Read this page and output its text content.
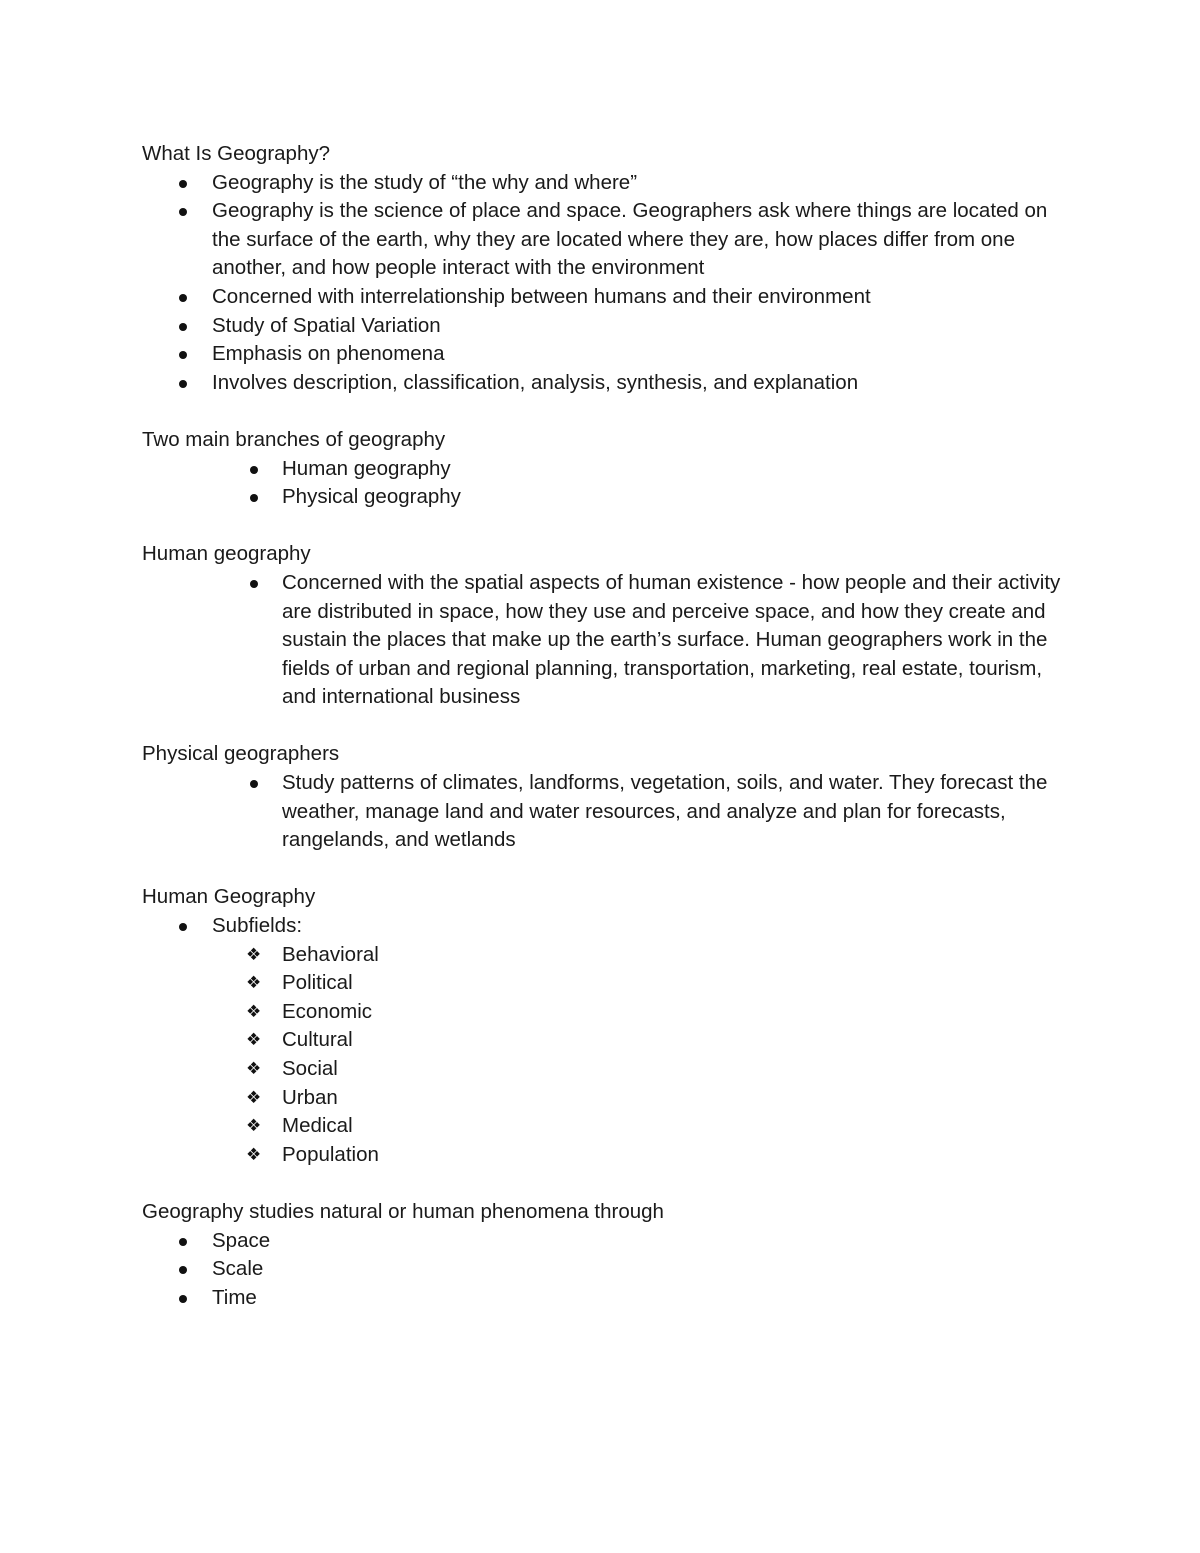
What Is Geography?

Geography is the study of “the why and where”
Geography is the science of place and space. Geographers ask where things are located on the surface of the earth, why they are located where they are, how places differ from one another, and how people interact with the environment
Concerned with interrelationship between humans and their environment
Study of Spatial Variation
Emphasis on phenomena
Involves description, classification, analysis, synthesis, and explanation

Two main branches of geography

Human geography
Physical geography

Human geography

Concerned with the spatial aspects of human existence - how people and their activity are distributed in space, how they use and perceive space, and how they create and sustain the places that make up the earth’s surface. Human geographers work in the fields of urban and regional planning, transportation, marketing, real estate, tourism, and international business

Physical geographers

Study patterns of climates, landforms, vegetation, soils, and water. They forecast the weather, manage land and water resources, and analyze and plan for forecasts, rangelands, and wetlands

Human Geography

Subfields:
❖ Behavioral
❖ Political
❖ Economic
❖ Cultural
❖ Social
❖ Urban
❖ Medical
❖ Population

Geography studies natural or human phenomena through

Space
Scale
Time
